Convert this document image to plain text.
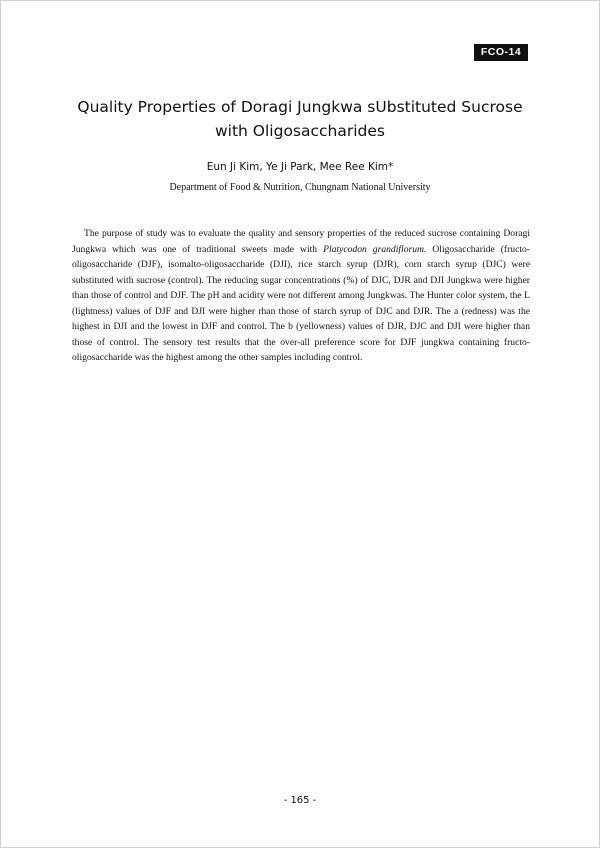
FCO-14
Quality Properties of Doragi Jungkwa sUbstituted Sucrose
with Oligosaccharides
Eun Ji Kim, Ye Ji Park, Mee Ree Kim*
Department of Food & Nutrition, Chungnam National University
The purpose of study was to evaluate the quality and sensory properties of the reduced sucrose containing Doragi Jungkwa which was one of traditional sweets made with Platycodon grandiflorum. Oligosaccharide (fructo-oligosaccharide (DJF), isomalto-oligosaccharide (DJI), rice starch syrup (DJR), corn starch syrup (DJC) were substituted with sucrose (control). The reducing sugar concentrations (%) of DJC, DJR and DJI Jungkwa were higher than those of control and DJF. The pH and acidity were not different among Jungkwas. The Hunter color system, the L (lightness) values of DJF and DJI were higher rhan those of starch syrup of DJC and DJR. The a (redness) was the highest in DJI and the lowest in DJF and control. The b (yellowness) values of DJR, DJC and DJI were higher than those of control. The sensory test results that the over-all preference score for DJF jungkwa containing fructo-oligosaccharide was the highest among the other samples including control.
- 165 -
